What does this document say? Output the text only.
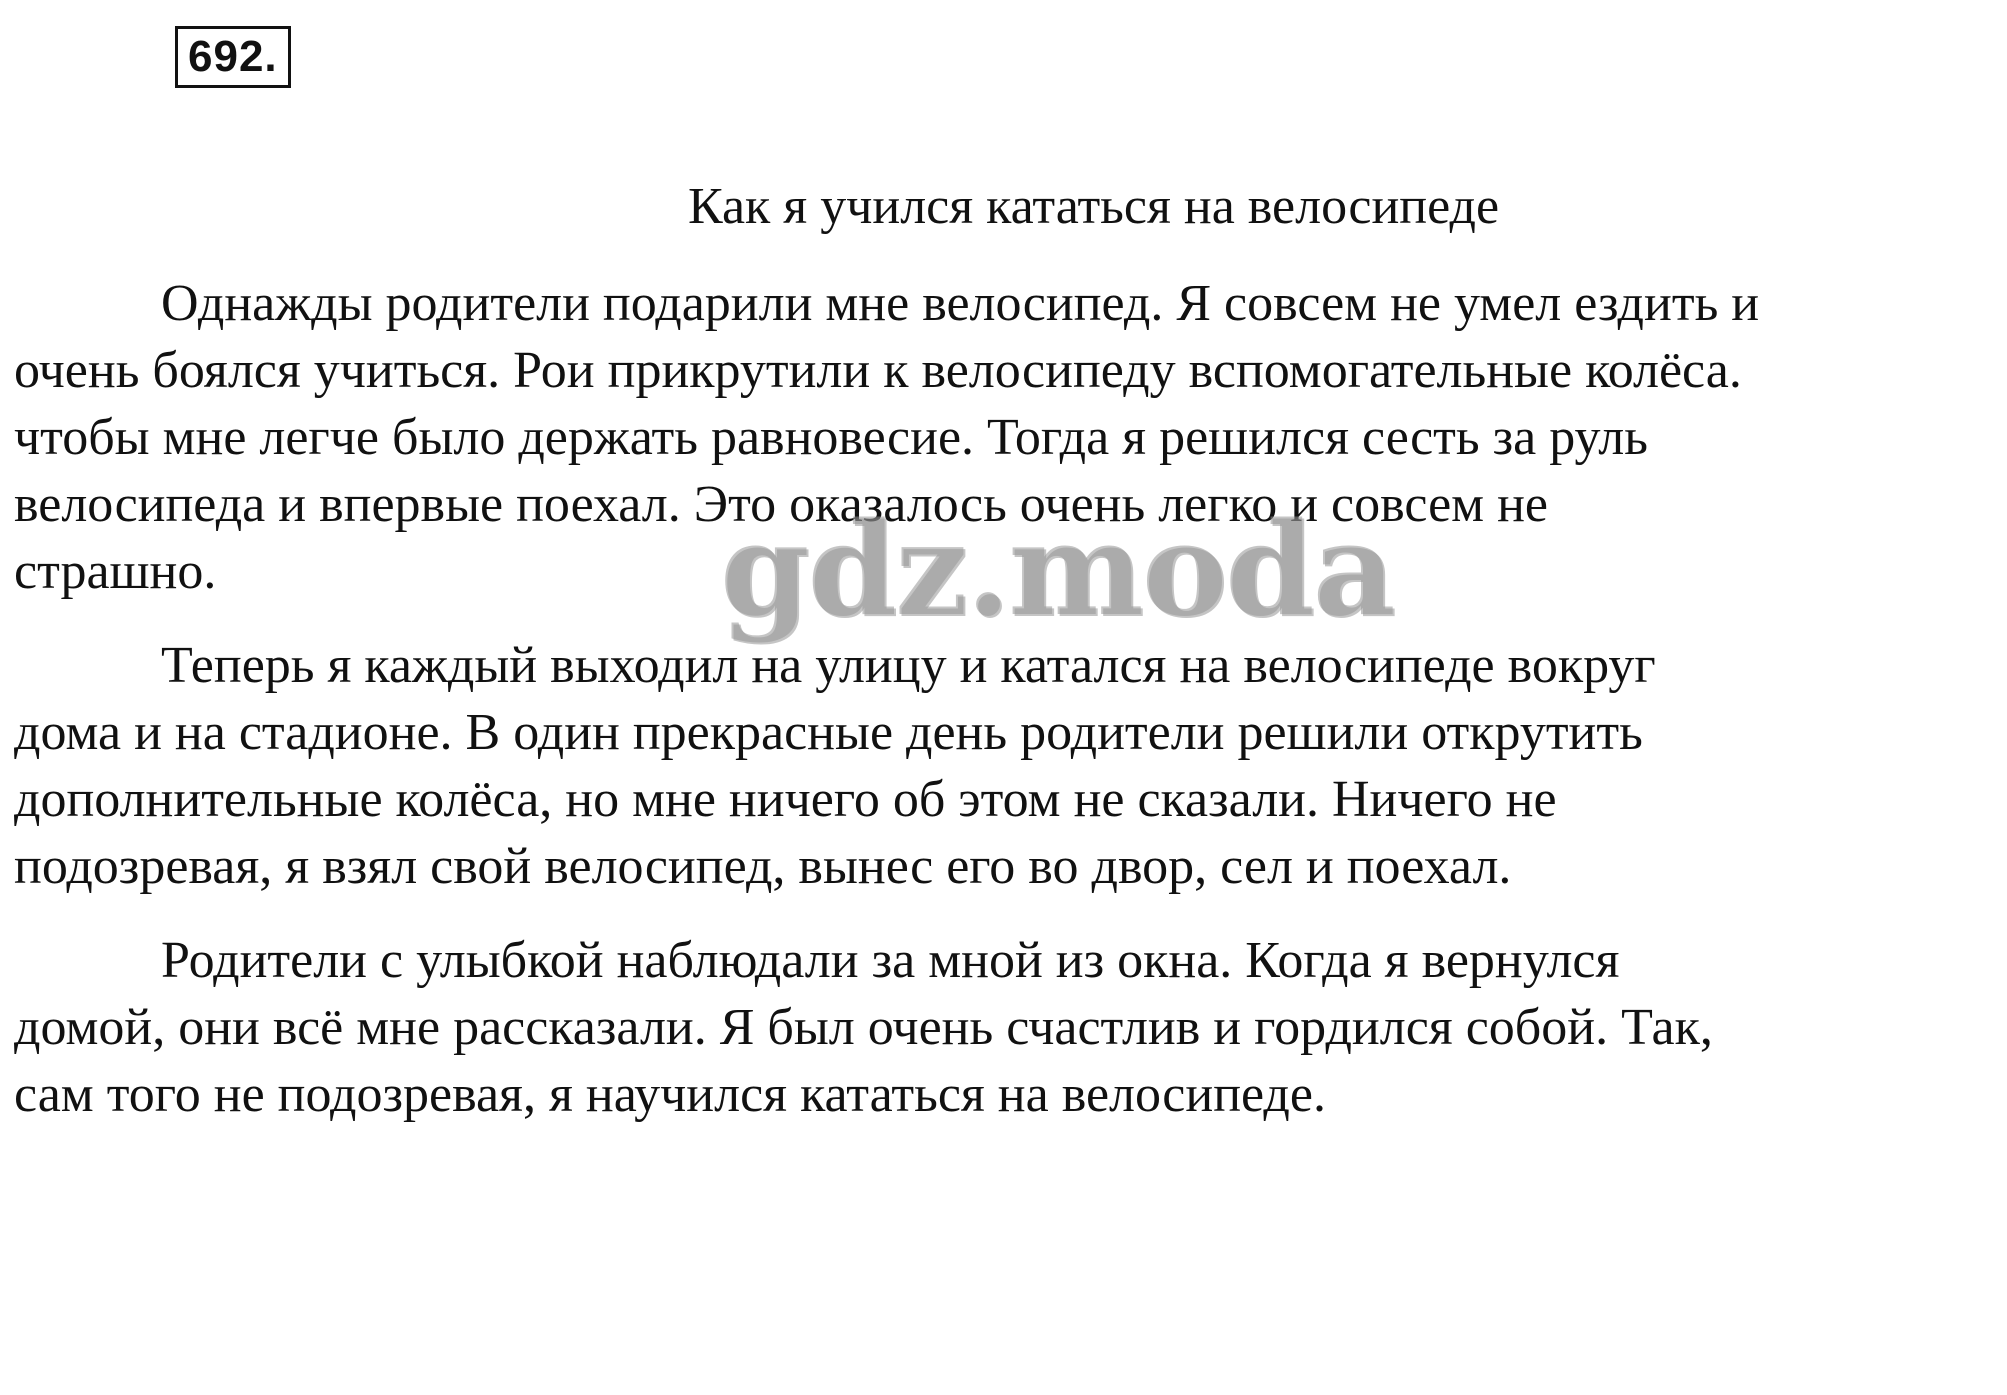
692.
Как я учился кататься на велосипеде
Однажды родители подарили мне велосипед. Я совсем не умел ездить и
очень боялся учиться. Рои прикрутили к велосипеду вспомогательные колёса.
чтобы мне легче было держать равновесие. Тогда я решился сесть за руль
велосипеда и впервые поехал. Это оказалось очень легко и совсем не
страшно.
Теперь я каждый выходил на улицу и катался на велосипеде вокруг
дома и на стадионе. В один прекрасные день родители решили открутить
дополнительные колёса, но мне ничего об этом не сказали. Ничего не
подозревая, я взял свой велосипед, вынес его во двор, сел и поехал.
Родители с улыбкой наблюдали за мной из окна. Когда я вернулся
домой, они всё мне рассказали. Я был очень счастлив и гордился собой. Так,
сам того не подозревая, я научился кататься на велосипеде.
gdz.moda
